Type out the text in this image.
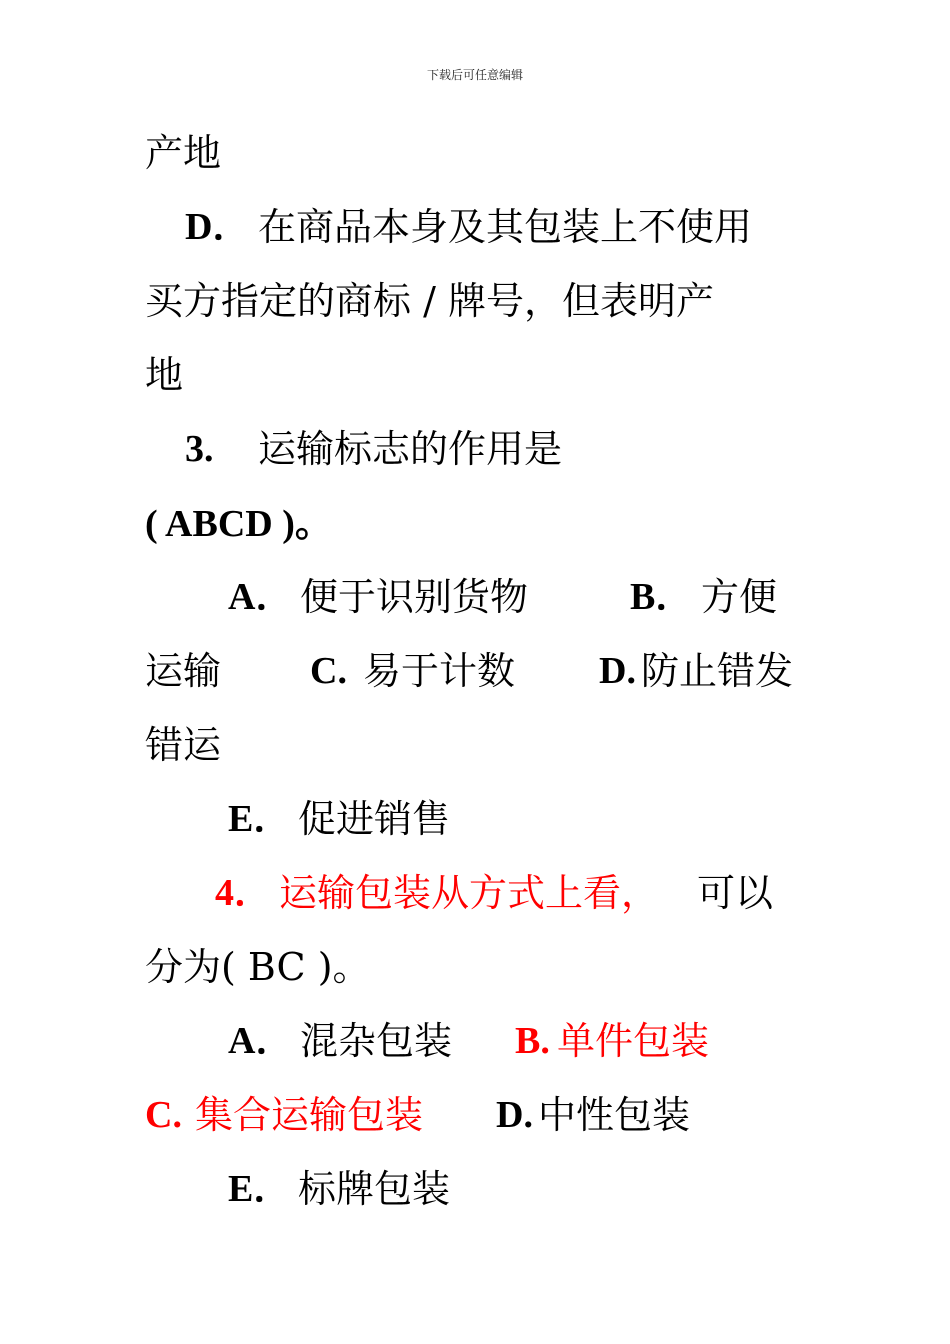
下载后可任意编辑
产地
D． 在商品本身及其包装上不使用
买方指定的商标 / 牌号，但表明产
地
3. 运输标志的作用是
( ABCD )。
A． 便于识别货物	B． 方便
运输 C. 易于计数 D. 防止错发
错运
E． 促进销售
4． 运输包装从方式上看， 可以
分为( BC )。
A． 混杂包装 B. 单件包装
C. 集合运输包装 D. 中性包装
E． 标牌包装
